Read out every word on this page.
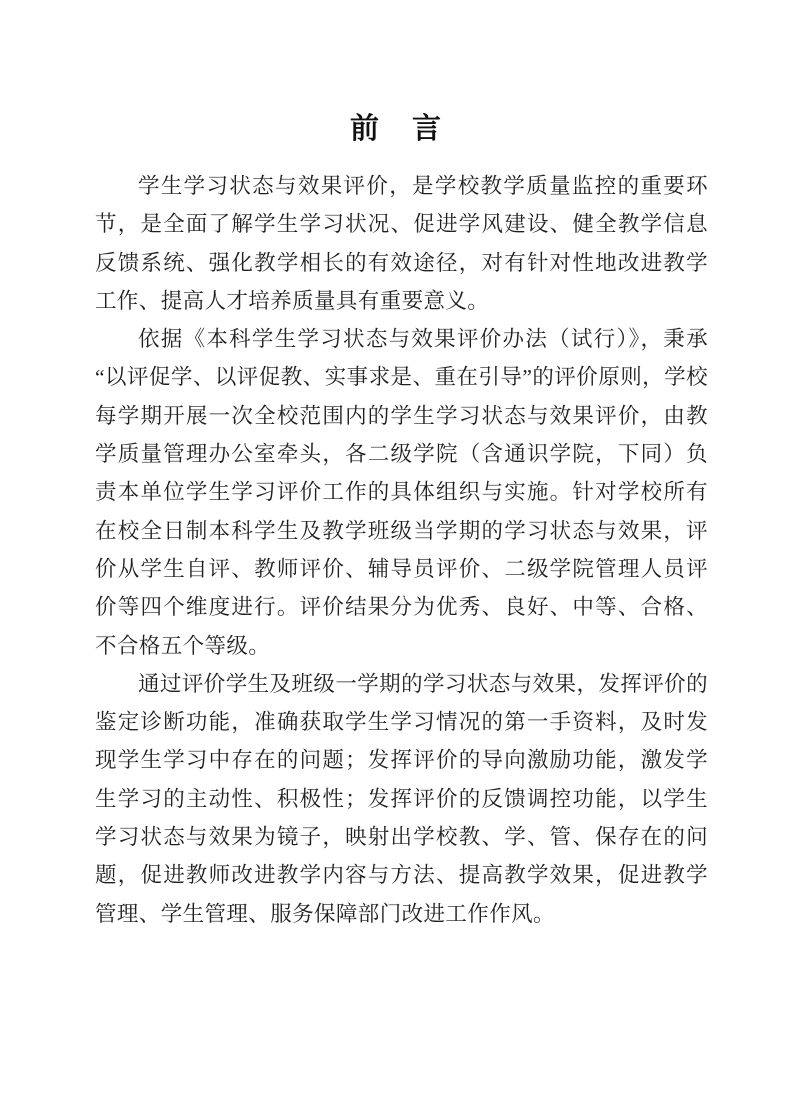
前　言

学生学习状态与效果评价，是学校教学质量监控的重要环节，是全面了解学生学习状况、促进学风建设、健全教学信息反馈系统、强化教学相长的有效途径，对有针对性地改进教学工作、提高人才培养质量具有重要意义。

依据《本科学生学习状态与效果评价办法（试行）》，秉承“以评促学、以评促教、实事求是、重在引导”的评价原则，学校每学期开展一次全校范围内的学生学习状态与效果评价，由教学质量管理办公室牵头，各二级学院（含通识学院，下同）负责本单位学生学习评价工作的具体组织与实施。针对学校所有在校全日制本科学生及教学班级当学期的学习状态与效果，评价从学生自评、教师评价、辅导员评价、二级学院管理人员评价等四个维度进行。评价结果分为优秀、良好、中等、合格、不合格五个等级。

通过评价学生及班级一学期的学习状态与效果，发挥评价的鉴定诊断功能，准确获取学生学习情况的第一手资料，及时发现学生学习中存在的问题；发挥评价的导向激励功能，激发学生学习的主动性、积极性；发挥评价的反馈调控功能，以学生学习状态与效果为镜子，映射出学校教、学、管、保存在的问题，促进教师改进教学内容与方法、提高教学效果，促进教学管理、学生管理、服务保障部门改进工作作风。
